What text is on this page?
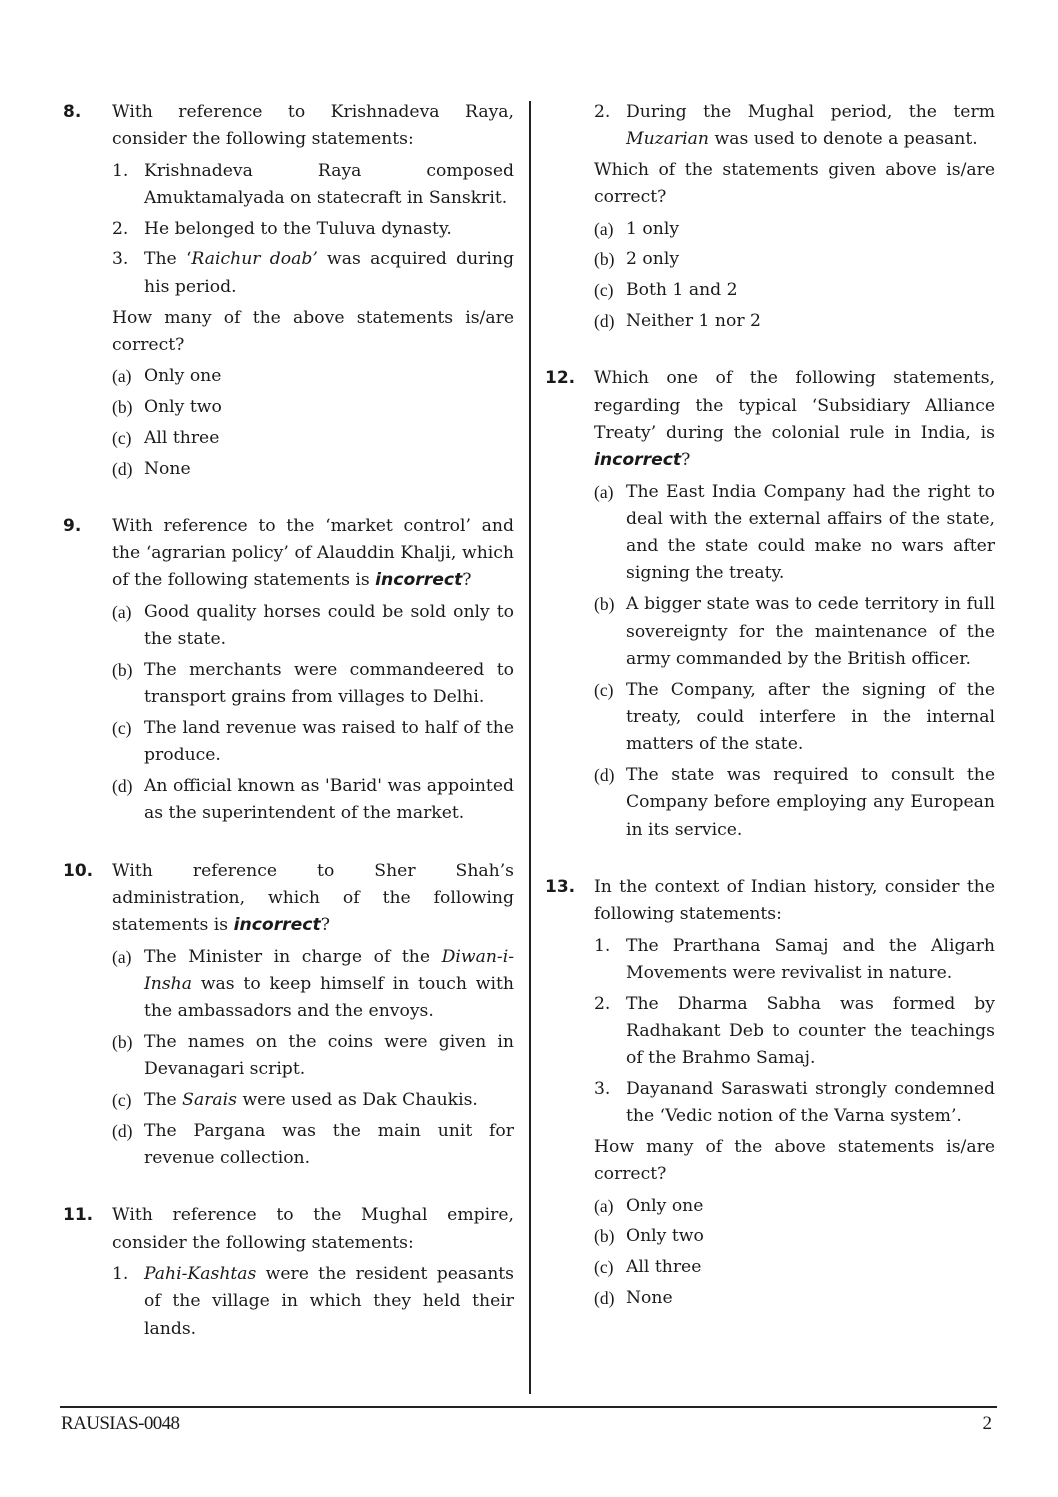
8. With reference to Krishnadeva Raya, consider the following statements:

1. Krishnadeva Raya composed Amuktamalyada on statecraft in Sanskrit.
2. He belonged to the Tuluva dynasty.
3. The ‘Raichur doab’ was acquired during his period.

How many of the above statements is/are correct?

(a) Only one
(b) Only two
(c) All three
(d) None
9. With reference to the ‘market control’ and the ‘agrarian policy’ of Alauddin Khalji, which of the following statements is incorrect?

(a) Good quality horses could be sold only to the state.
(b) The merchants were commandeered to transport grains from villages to Delhi.
(c) The land revenue was raised to half of the produce.
(d) An official known as 'Barid' was appointed as the superintendent of the market.
10. With reference to Sher Shah’s administration, which of the following statements is incorrect?

(a) The Minister in charge of the Diwan-i-Insha was to keep himself in touch with the ambassadors and the envoys.
(b) The names on the coins were given in Devanagari script.
(c) The Sarais were used as Dak Chaukis.
(d) The Pargana was the main unit for revenue collection.
11. With reference to the Mughal empire, consider the following statements:

1. Pahi-Kashtas were the resident peasants of the village in which they held their lands.
2. During the Mughal period, the term Muzarian was used to denote a peasant.

Which of the statements given above is/are correct?

(a) 1 only
(b) 2 only
(c) Both 1 and 2
(d) Neither 1 nor 2
12. Which one of the following statements, regarding the typical ‘Subsidiary Alliance Treaty’ during the colonial rule in India, is incorrect?

(a) The East India Company had the right to deal with the external affairs of the state, and the state could make no wars after signing the treaty.
(b) A bigger state was to cede territory in full sovereignty for the maintenance of the army commanded by the British officer.
(c) The Company, after the signing of the treaty, could interfere in the internal matters of the state.
(d) The state was required to consult the Company before employing any European in its service.
13. In the context of Indian history, consider the following statements:

1. The Prarthana Samaj and the Aligarh Movements were revivalist in nature.
2. The Dharma Sabha was formed by Radhakant Deb to counter the teachings of the Brahmo Samaj.
3. Dayanand Saraswati strongly condemned the ‘Vedic notion of the Varna system’.

How many of the above statements is/are correct?

(a) Only one
(b) Only two
(c) All three
(d) None
RAUSIAS-0048	2
